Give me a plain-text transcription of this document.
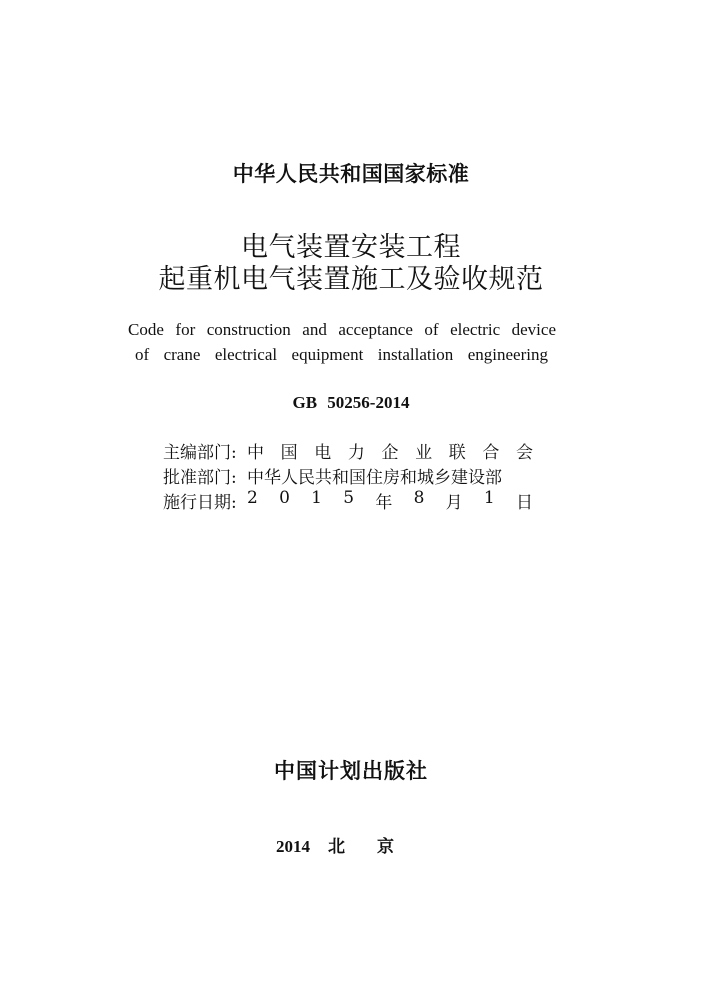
中华人民共和国国家标准
电气装置安装工程
起重机电气装置施工及验收规范
Code for construction and acceptance of electric device
of crane electrical equipment installation engineering
GB 50256-2014
主编部门: 中 国 电 力 企 业 联 合 会
批准部门: 中华人民共和国住房和城乡建设部
施行日期: 2 0 1 5 年 8 月 1 日
中国计划出版社
2014 北京
